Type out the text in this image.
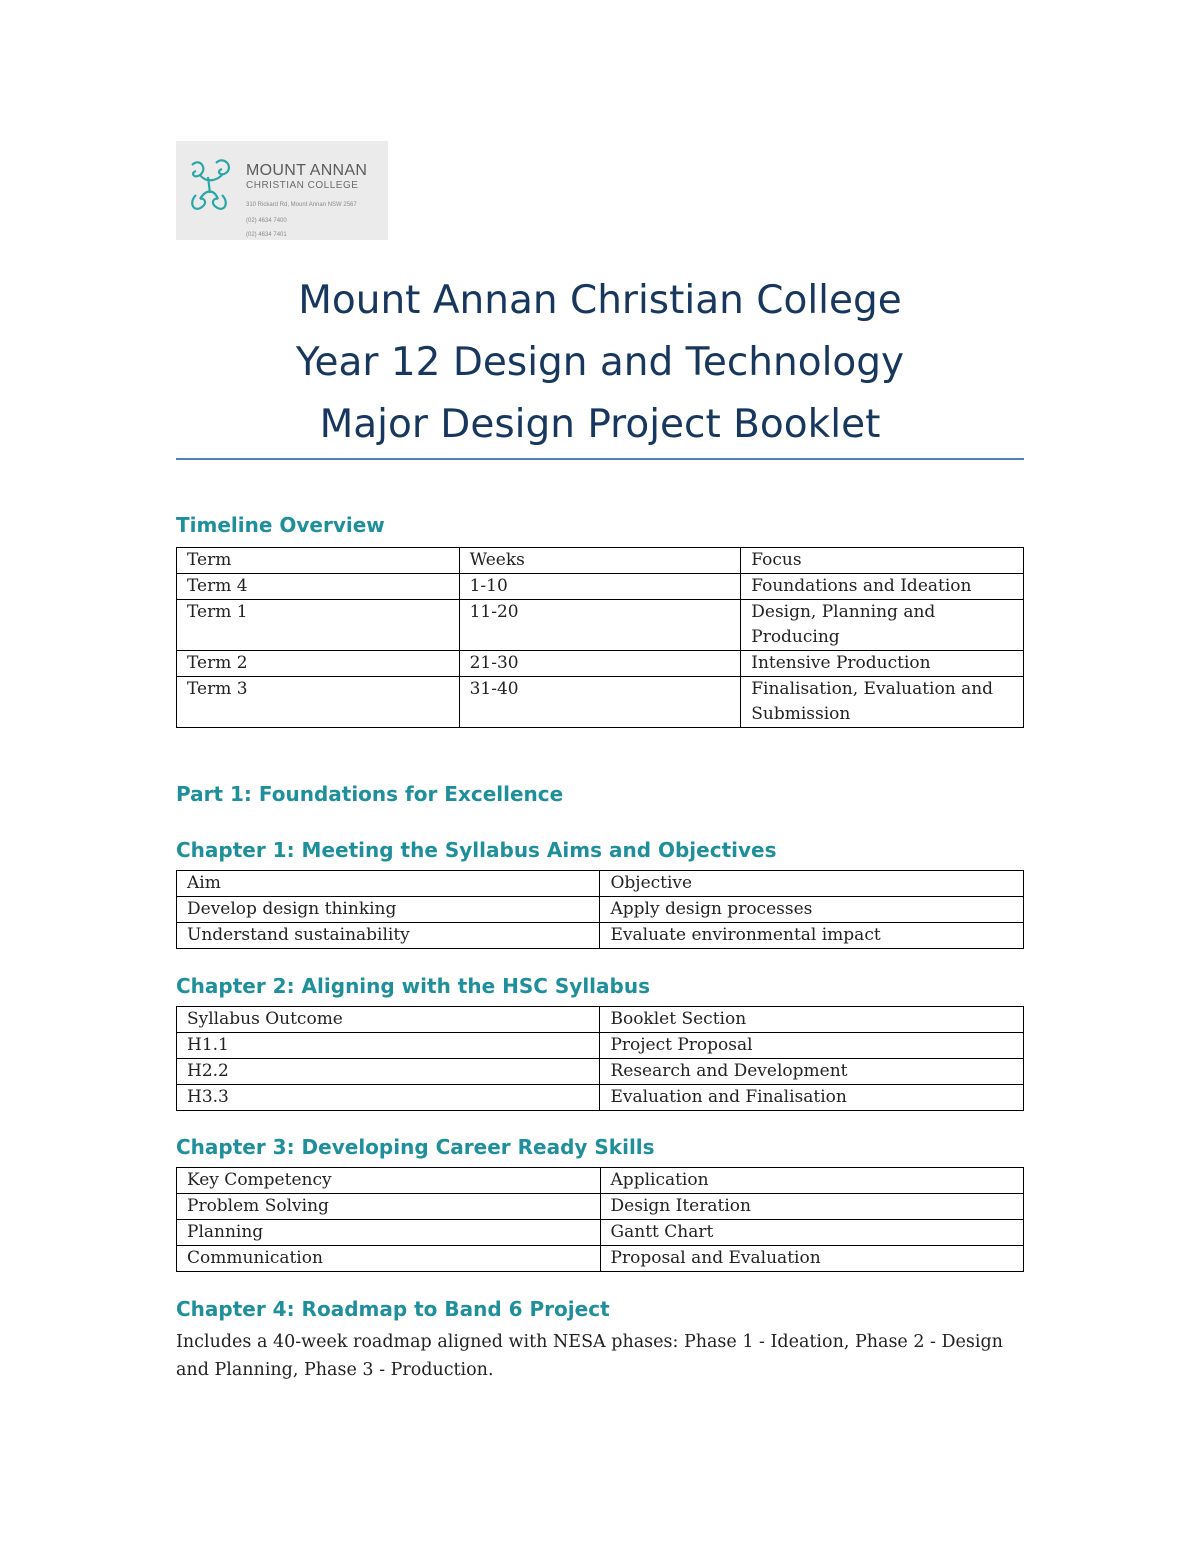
MOUNT ANNAN
CHRISTIAN COLLEGE
310 Rickard Rd, Mount Annan NSW 2567
(02) 4634 7400
(02) 4634 7401
Mount Annan Christian College
Year 12 Design and Technology
Major Design Project Booklet
Timeline Overview
Term	Weeks	Focus
Term 4	1-10	Foundations and Ideation
Term 1	11-20	Design, Planning and Producing
Term 2	21-30	Intensive Production
Term 3	31-40	Finalisation, Evaluation and Submission
Part 1: Foundations for Excellence
Chapter 1: Meeting the Syllabus Aims and Objectives
Aim	Objective
Develop design thinking	Apply design processes
Understand sustainability	Evaluate environmental impact
Chapter 2: Aligning with the HSC Syllabus
Syllabus Outcome	Booklet Section
H1.1	Project Proposal
H2.2	Research and Development
H3.3	Evaluation and Finalisation
Chapter 3: Developing Career Ready Skills
Key Competency	Application
Problem Solving	Design Iteration
Planning	Gantt Chart
Communication	Proposal and Evaluation
Chapter 4: Roadmap to Band 6 Project
Includes a 40-week roadmap aligned with NESA phases: Phase 1 - Ideation, Phase 2 - Design and Planning, Phase 3 - Production.
